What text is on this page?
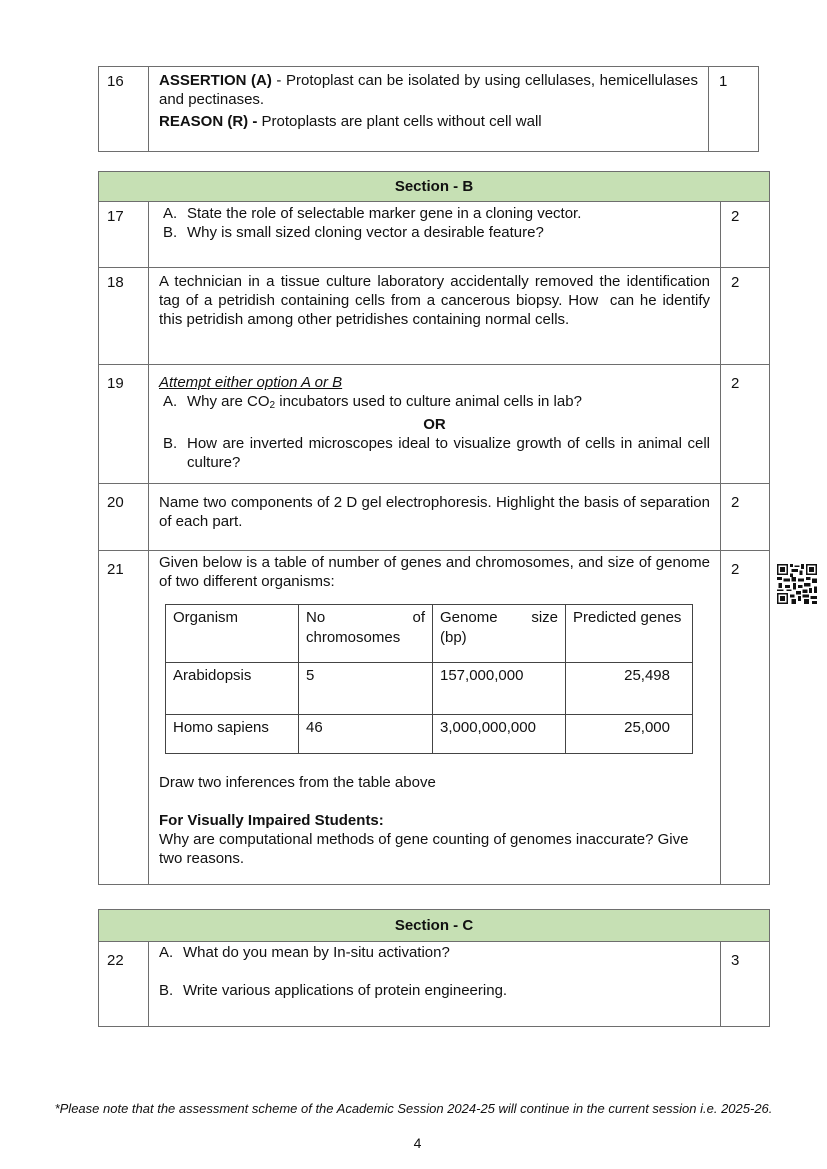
16	ASSERTION (A) - Protoplast can be isolated by using cellulases, hemicellulases and pectinases.
REASON (R) - Protoplasts are plant cells without cell wall
	1
Section - B
17	A. State the role of selectable marker gene in a cloning vector.
B. Why is small sized cloning vector a desirable feature?
	2
18	A technician in a tissue culture laboratory accidentally removed the identification tag of a petridish containing cells from a cancerous biopsy. How  can he identify  this petridish among other petridishes containing normal cells.	2
19	Attempt either option A or B
A. Why are $CO_2$ incubators used to culture animal cells in lab?
OR
B. How are inverted microscopes ideal to visualize growth of cells in animal cell culture?
	2
20	Name two components of 2 D gel electrophoresis. Highlight the basis of separation of each part.	2
21	Given below is a table of number of genes and chromosomes, and size of genome of two different organisms:
Organism	No of chromosomes	Genome size (bp)	Predicted genes
Arabidopsis	5	157,000,000	25,498
Homo sapiens	46	3,000,000,000	25,000
Draw two inferences from the table above
For Visually Impaired Students:
Why are computational methods of gene counting of genomes inaccurate? Give two reasons.
	2
Section - C
22	A. What do you mean by In-situ activation?
B. Write various applications of protein engineering.
	3
*Please note that the assessment scheme of the Academic Session 2024-25 will continue in the current session i.e. 2025-26.
4
